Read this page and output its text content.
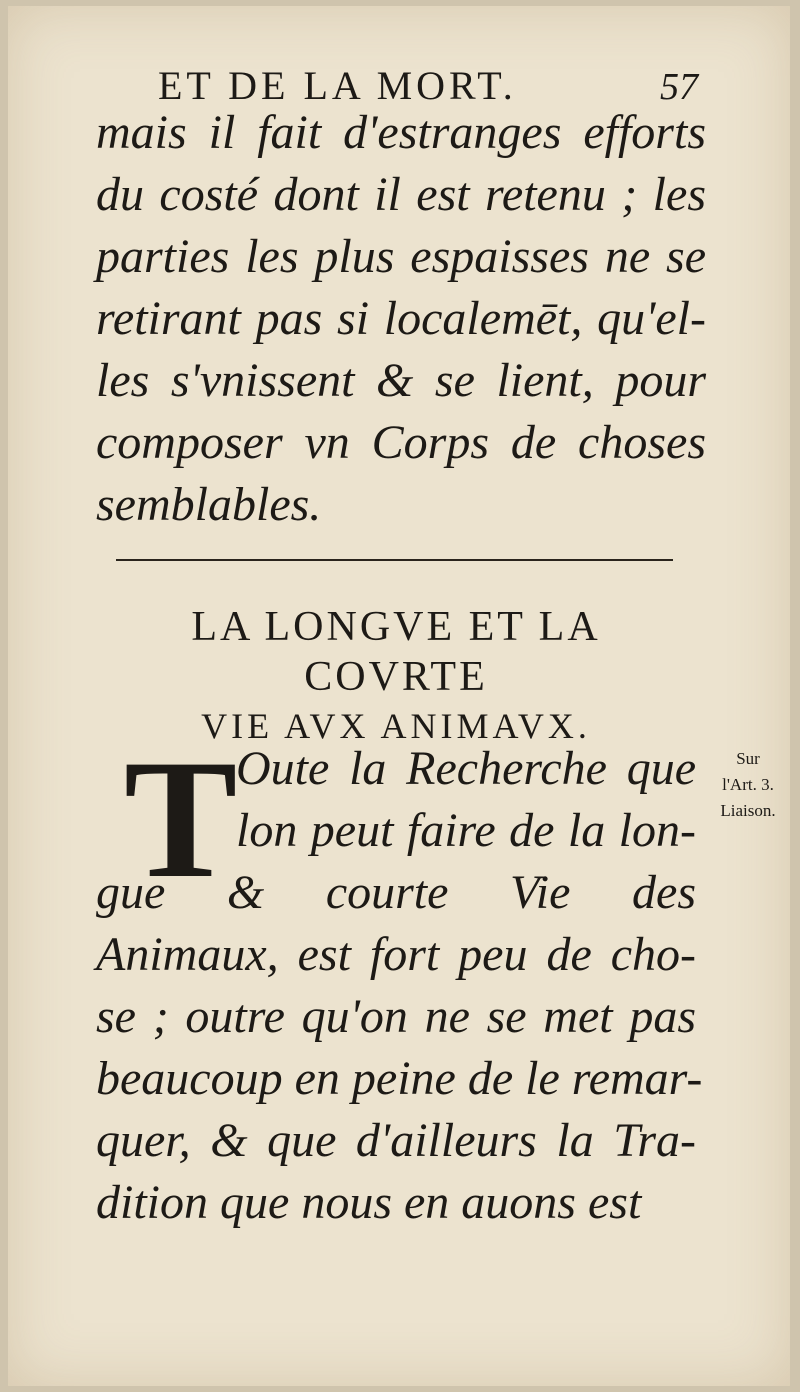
ET DE LA MORT.	57
mais il fait d'estranges efforts
du costé dont il est retenu ; les
parties les plus espaisses ne se
retirant pas si localemēt, qu'el-
les s'vnissent & se lient, pour
composer vn Corps de choses
semblables.
LA LONGVE ET LA COVRTE
VIE AVX ANIMAVX.
T
Oute la Recherche que
lon peut faire de la lon-
gue & courte Vie des
Animaux, est fort peu de cho-
se ; outre qu'on ne se met pas
beaucoup en peine de le remar-
quer, & que d'ailleurs la Tra-
dition que nous en auons est
Sur
l'Art. 3.
Liaison.
